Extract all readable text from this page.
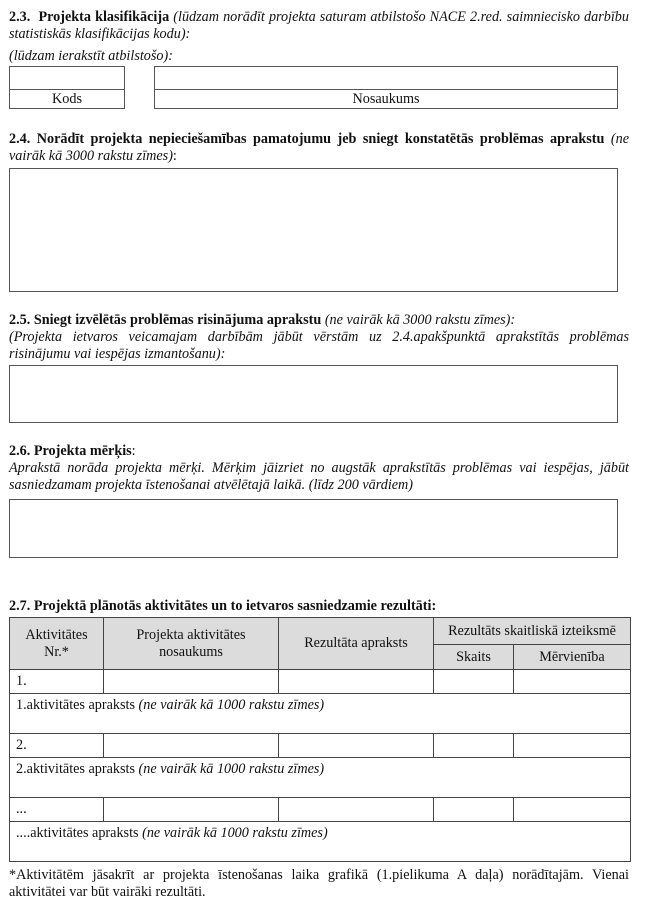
2.3. Projekta klasifikācija (lūdzam norādīt projekta saturam atbilstošo NACE 2.red. saimniecisko darbību statistiskās klasifikācijas kodu):
(lūdzam ierakstīt atbilstošo):
Kods	Nosaukums
2.4. Norādīt projekta nepieciešamības pamatojumu jeb sniegt konstatētās problēmas aprakstu (ne vairāk kā 3000 rakstu zīmes):
2.5. Sniegt izvēlētās problēmas risinājuma aprakstu (ne vairāk kā 3000 rakstu zīmes):
(Projekta ietvaros veicamajam darbībām jābūt vērstām uz 2.4.apakšpunktā aprakstītās problēmas risinājumu vai iespējas izmantošanu):
2.6. Projekta mērķis:
Aprakstā norāda projekta mērķi. Mērķim jāizriet no augstāk aprakstītās problēmas vai iespējas, jābūt sasniedzamam projekta īstenošanai atvēlētajā laikā. (līdz 200 vārdiem)
2.7. Projektā plānotās aktivitātes un to ietvaros sasniedzamie rezultāti:
Aktivitātes Nr.*	Projekta aktivitātes nosaukums	Rezultāta apraksts	Rezultāts skaitliskā izteiksmē	
			Skaits	Mērvienība
1.				
1.aktivitātes apraksts (ne vairāk kā 1000 rakstu zīmes)				
2.				
2.aktivitātes apraksts (ne vairāk kā 1000 rakstu zīmes)				
...				
....aktivitātes apraksts (ne vairāk kā 1000 rakstu zīmes)				
*Aktivitātēm jāsakrīt ar projekta īstenošanas laika grafikā (1.pielikuma A daļa) norādītajām. Vienai aktivitātei var būt vairāki rezultāti.
